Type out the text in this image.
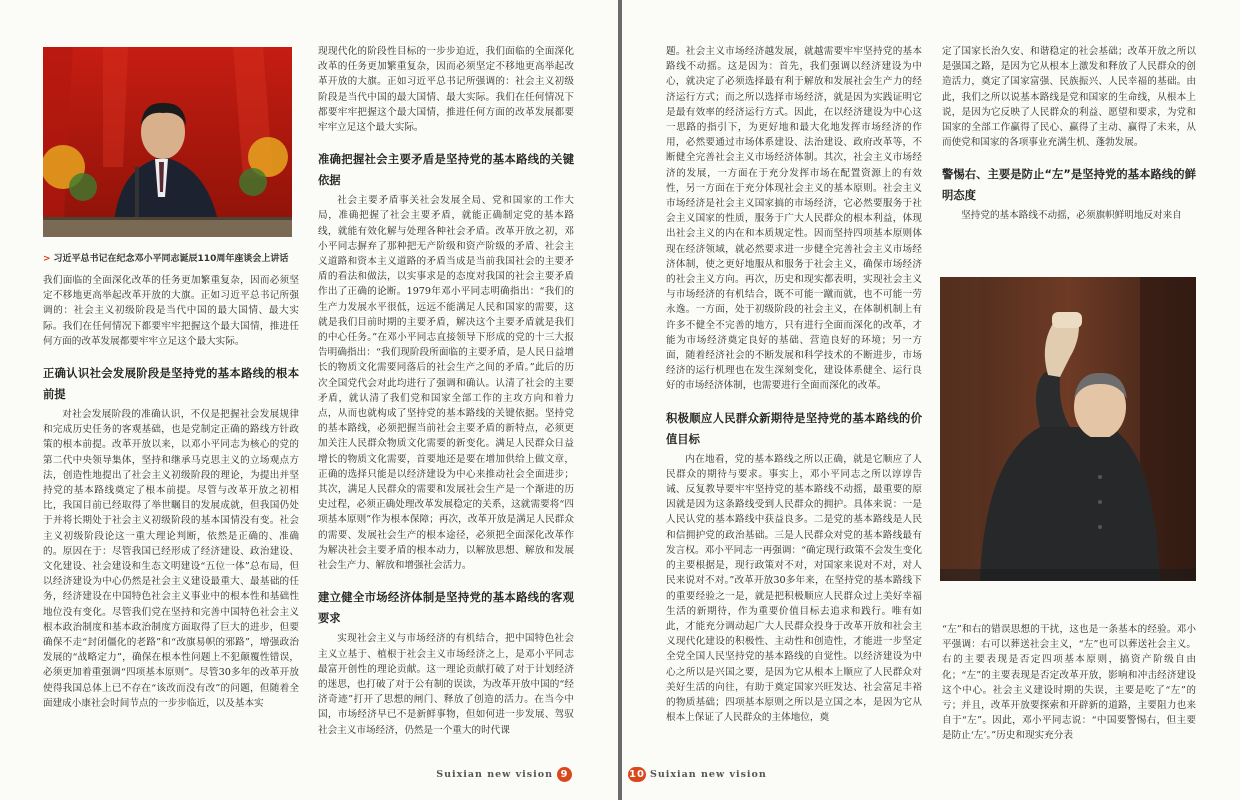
> 习近平总书记在纪念邓小平同志诞辰110周年座谈会上讲话

我们面临的全面深化改革的任务更加繁重复杂，因而必须坚定不移地更高举起改革开放的大旗。正如习近平总书记所强调的：社会主义初级阶段是当代中国的最大国情、最大实际。我们在任何情况下都要牢牢把握这个最大国情，推进任何方面的改革发展都要牢牢立足这个最大实际。

正确认识社会发展阶段是坚持党的基本路线的根本前提

对社会发展阶段的准确认识，不仅是把握社会发展规律和完成历史任务的客观基础，也是党制定正确的路线方针政策的根本前提。改革开放以来，以邓小平同志为核心的党的第二代中央领导集体，坚持和继承马克思主义的立场观点方法，创造性地提出了社会主义初级阶段的理论，为提出并坚持党的基本路线奠定了根本前提。尽管与改革开放之初相比，我国目前已经取得了举世瞩目的发展成就，但我国仍处于并将长期处于社会主义初级阶段的基本国情没有变。社会主义初级阶段论这一重大理论判断，依然是正确的、准确的。原因在于：尽管我国已经形成了经济建设、政治建设、文化建设、社会建设和生态文明建设“五位一体”总布局，但以经济建设为中心仍然是社会主义建设最重大、最基础的任务，经济建设在中国特色社会主义事业中的根本性和基础性地位没有变化。尽管我们党在坚持和完善中国特色社会主义根本政治制度和基本政治制度方面取得了巨大的进步，但要确保不走“封闭僵化的老路”和“改旗易帜的邪路”，增强政治发展的“战略定力”，确保在根本性问题上不犯颠覆性错误，必须更加着重强调“四项基本原则”。尽管30多年的改革开放使得我国总体上已不存在“该改而没有改”的问题，但随着全面建成小康社会时间节点的一步步临近，以及基本实

现现代化的阶段性目标的一步步迫近，我们面临的全面深化改革的任务更加繁重复杂，因而必须坚定不移地更高举起改革开放的大旗。正如习近平总书记所强调的：社会主义初级阶段是当代中国的最大国情、最大实际。我们在任何情况下都要牢牢把握这个最大国情，推进任何方面的改革发展都要牢牢立足这个最大实际。

准确把握社会主要矛盾是坚持党的基本路线的关键依据

社会主要矛盾事关社会发展全局、党和国家的工作大局，准确把握了社会主要矛盾，就能正确制定党的基本路线，就能有效化解与处理各种社会矛盾。改革开放之初，邓小平同志摒弃了那种把无产阶级和资产阶级的矛盾、社会主义道路和资本主义道路的矛盾当成是当前我国社会的主要矛盾的看法和做法，以实事求是的态度对我国的社会主要矛盾作出了正确的论断。1979年邓小平同志明确指出：“我们的生产力发展水平很低，远远不能满足人民和国家的需要，这就是我们目前时期的主要矛盾，解决这个主要矛盾就是我们的中心任务。”在邓小平同志直接领导下形成的党的十三大报告明确指出：“我们现阶段所面临的主要矛盾，是人民日益增长的物质文化需要同落后的社会生产之间的矛盾。”此后的历次全国党代会对此均进行了强调和确认。认清了社会的主要矛盾，就认清了我们党和国家全部工作的主攻方向和着力点，从而也就构成了坚持党的基本路线的关键依据。坚持党的基本路线，必须把握当前社会主要矛盾的新特点，必须更加关注人民群众物质文化需要的新变化。满足人民群众日益增长的物质文化需要，首要地还是要在增加供给上做文章，正确的选择只能是以经济建设为中心来推动社会全面进步；其次，满足人民群众的需要和发展社会生产是一个渐进的历史过程，必须正确处理改革发展稳定的关系，这就需要将“四项基本原则”作为根本保障；再次，改革开放是满足人民群众的需要、发展社会生产的根本途径，必须把全面深化改革作为解决社会主要矛盾的根本动力，以解放思想、解放和发展社会生产力、解放和增强社会活力。

建立健全市场经济体制是坚持党的基本路线的客观要求

实现社会主义与市场经济的有机结合，把中国特色社会主义立基于、植根于社会主义市场经济之上，是邓小平同志最富开创性的理论贡献。这一理论贡献打破了对于计划经济的迷思，也打破了对于公有制的误读，为改革开放中国的“经济奇迹”打开了思想的闸门、释放了创造的活力。在当今中国，市场经济早已不是新鲜事物，但如何进一步发展、驾驭社会主义市场经济，仍然是一个重大的时代课

Suixian new vision 9

题。社会主义市场经济越发展，就越需要牢牢坚持党的基本路线不动摇。这是因为：首先，我们强调以经济建设为中心，就决定了必须选择最有利于解放和发展社会生产力的经济运行方式；而之所以选择市场经济，就是因为实践证明它是最有效率的经济运行方式。因此，在以经济建设为中心这一思路的指引下，为更好地和最大化地发挥市场经济的作用，必然要通过市场体系建设、法治建设、政府改革等，不断健全完善社会主义市场经济体制。其次，社会主义市场经济的发展，一方面在于充分发挥市场在配置资源上的有效性，另一方面在于充分体现社会主义的基本原则。社会主义市场经济是社会主义国家搞的市场经济，它必然要服务于社会主义国家的性质，服务于广大人民群众的根本利益，体现出社会主义的内在和本质规定性。因而坚持四项基本原则体现在经济领域，就必然要求进一步健全完善社会主义市场经济体制，使之更好地服从和服务于社会主义，确保市场经济的社会主义方向。再次，历史和现实都表明，实现社会主义与市场经济的有机结合，既不可能一蹴而就，也不可能一劳永逸。一方面，处于初级阶段的社会主义，在体制机制上有许多不健全不完善的地方，只有进行全面而深化的改革，才能为市场经济奠定良好的基础、营造良好的环境；另一方面，随着经济社会的不断发展和科学技术的不断进步，市场经济的运行机理也在发生深刻变化，建设体系健全、运行良好的市场经济体制，也需要进行全面而深化的改革。

积极顺应人民群众新期待是坚持党的基本路线的价值目标

内在地看，党的基本路线之所以正确，就是它顺应了人民群众的期待与要求。事实上，邓小平同志之所以谆谆告诫、反复教导要牢牢坚持党的基本路线不动摇，最重要的原因就是因为这条路线受到人民群众的拥护。具体来说：一是人民认党的基本路线中获益良多。二是党的基本路线是人民和信拥护党的政治基础。三是人民群众对党的基本路线最有发言权。邓小平同志一再强调：“确定现行政策不会发生变化的主要根据是，现行政策对不对，对国家来说对不对，对人民来说对不对。”改革开放30多年来，在坚持党的基本路线下的重要经验之一是，就是把积极顺应人民群众过上美好幸福生活的新期待，作为重要价值目标去追求和践行。唯有如此，才能充分调动起广大人民群众投身于改革开放和社会主义现代化建设的积极性、主动性和创造性，才能进一步坚定全党全国人民坚持党的基本路线的自觉性。以经济建设为中心之所以是兴国之要，是因为它从根本上顺应了人民群众对美好生活的向往，有助于奠定国家兴旺发达、社会富足丰裕的物质基础；四项基本原则之所以是立国之本，是因为它从根本上保证了人民群众的主体地位，奠

定了国家长治久安、和谐稳定的社会基础；改革开放之所以是强国之路，是因为它从根本上激发和释放了人民群众的创造活力，奠定了国家富强、民族振兴、人民幸福的基础。由此，我们之所以说基本路线是党和国家的生命线，从根本上说，是因为它反映了人民群众的利益、愿望和要求，为党和国家的全部工作赢得了民心、赢得了主动、赢得了未来，从而使党和国家的各项事业充满生机、蓬勃发展。

警惕右、主要是防止“左”是坚持党的基本路线的鲜明态度

坚持党的基本路线不动摇，必须旗帜鲜明地反对来自

“左”和右的错误思想的干扰，这也是一条基本的经验。邓小平强调：右可以葬送社会主义，“左”也可以葬送社会主义。右的主要表现是否定四项基本原则，搞资产阶级自由化；“左”的主要表现是否定改革开放，影响和冲击经济建设这个中心。社会主义建设时期的失误，主要是吃了“左”的亏；并且，改革开放要探索和开辟新的道路，主要阻力也来自于“左”。因此，邓小平同志说：“中国要警惕右，但主要是防止‘左’。”历史和现实充分表

10 Suixian new vision
